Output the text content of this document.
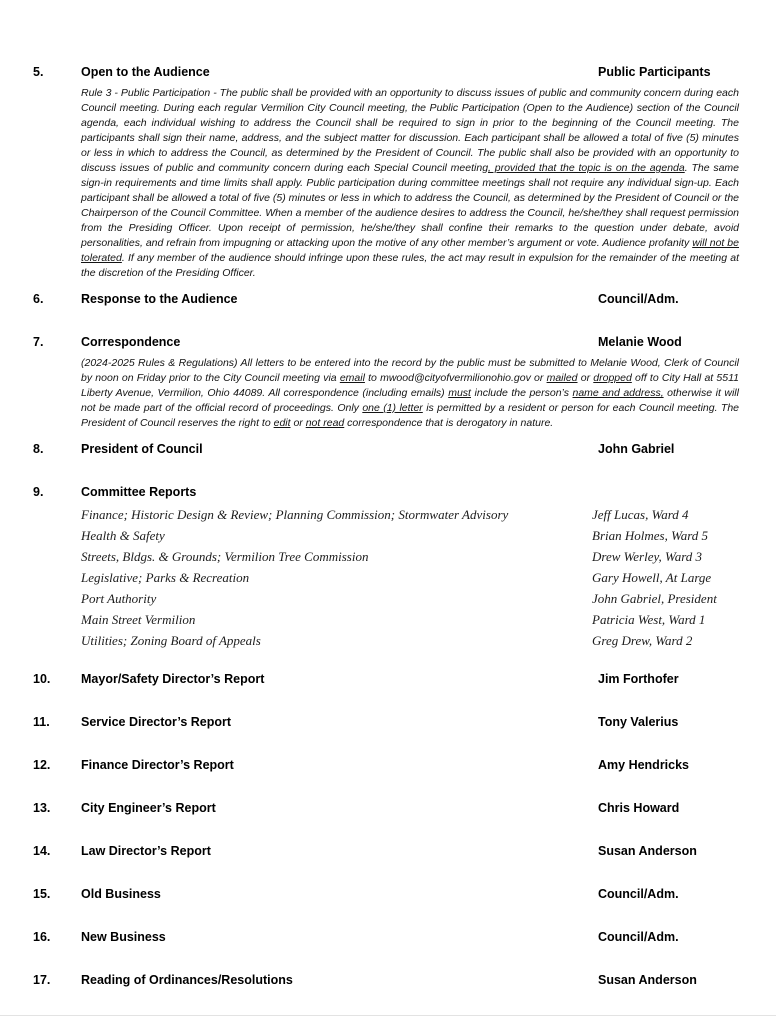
5.	Open to the Audience	Public Participants
Rule 3 - Public Participation - The public shall be provided with an opportunity to discuss issues of public and community concern during each Council meeting. During each regular Vermilion City Council meeting, the Public Participation (Open to the Audience) section of the Council agenda, each individual wishing to address the Council shall be required to sign in prior to the beginning of the Council meeting. The participants shall sign their name, address, and the subject matter for discussion. Each participant shall be allowed a total of five (5) minutes or less in which to address the Council, as determined by the President of Council. The public shall also be provided with an opportunity to discuss issues of public and community concern during each Special Council meeting, provided that the topic is on the agenda. The same sign-in requirements and time limits shall apply. Public participation during committee meetings shall not require any individual sign-up. Each participant shall be allowed a total of five (5) minutes or less in which to address the Council, as determined by the President of Council or the Chairperson of the Council Committee. When a member of the audience desires to address the Council, he/she/they shall request permission from the Presiding Officer. Upon receipt of permission, he/she/they shall confine their remarks to the question under debate, avoid personalities, and refrain from impugning or attacking upon the motive of any other member’s argument or vote. Audience profanity will not be tolerated. If any member of the audience should infringe upon these rules, the act may result in expulsion for the remainder of the meeting at the discretion of the Presiding Officer.
6.	Response to the Audience	Council/Adm.
7.	Correspondence	Melanie Wood
(2024-2025 Rules & Regulations) All letters to be entered into the record by the public must be submitted to Melanie Wood, Clerk of Council by noon on Friday prior to the City Council meeting via email to mwood@cityofvermilionohio.gov or mailed or dropped off to City Hall at 5511 Liberty Avenue, Vermilion, Ohio 44089. All correspondence (including emails) must include the person’s name and address, otherwise it will not be made part of the official record of proceedings. Only one (1) letter is permitted by a resident or person for each Council meeting. The President of Council reserves the right to edit or not read correspondence that is derogatory in nature.
8.	President of Council	John Gabriel
9.	Committee Reports
Finance; Historic Design & Review; Planning Commission; Stormwater Advisory	Jeff Lucas, Ward 4
Health & Safety	Brian Holmes, Ward 5
Streets, Bldgs. & Grounds; Vermilion Tree Commission	Drew Werley, Ward 3
Legislative; Parks & Recreation	Gary Howell, At Large
Port Authority	John Gabriel, President
Main Street Vermilion	Patricia West, Ward 1
Utilities; Zoning Board of Appeals	Greg Drew, Ward 2
10.	Mayor/Safety Director’s Report	Jim Forthofer
11.	Service Director’s Report	Tony Valerius
12.	Finance Director’s Report	Amy Hendricks
13.	City Engineer’s Report	Chris Howard
14.	Law Director’s Report	Susan Anderson
15.	Old Business	Council/Adm.
16.	New Business	Council/Adm.
17.	Reading of Ordinances/Resolutions	Susan Anderson
